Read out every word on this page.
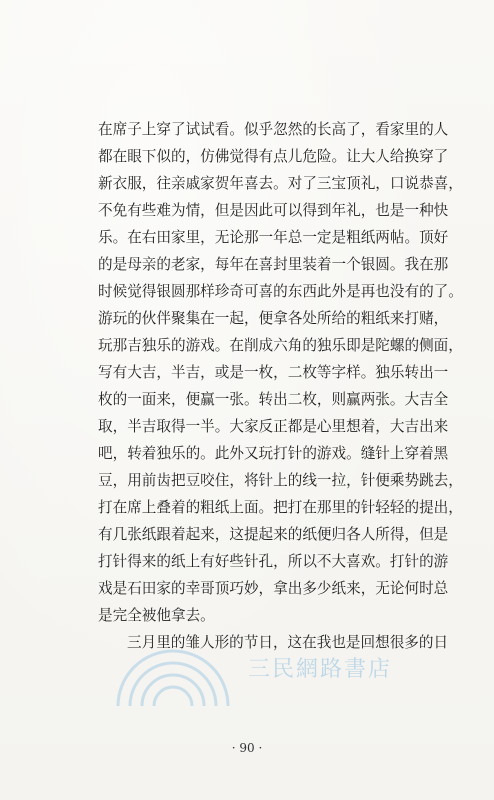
在席子上穿了试试看。似乎忽然的长高了，看家里的人
都在眼下似的，仿佛觉得有点儿危险。让大人给换穿了
新衣服，往亲戚家贺年喜去。对了三宝顶礼，口说恭喜，
不免有些难为情，但是因此可以得到年礼，也是一种快
乐。在右田家里，无论那一年总一定是粗纸两帖。顶好
的是母亲的老家，每年在喜封里装着一个银圆。我在那
时候觉得银圆那样珍奇可喜的东西此外是再也没有的了。
游玩的伙伴聚集在一起，便拿各处所给的粗纸来打赌，
玩那吉独乐的游戏。在削成六角的独乐即是陀螺的侧面，
写有大吉，半吉，或是一枚，二枚等字样。独乐转出一
枚的一面来，便赢一张。转出二枚，则赢两张。大吉全
取，半吉取得一半。大家反正都是心里想着，大吉出来
吧，转着独乐的。此外又玩打针的游戏。缝针上穿着黑
豆，用前齿把豆咬住，将针上的线一拉，针便乘势跳去，
打在席上叠着的粗纸上面。把打在那里的针轻轻的提出，
有几张纸跟着起来，这提起来的纸便归各人所得，但是
打针得来的纸上有好些针孔，所以不大喜欢。打针的游
戏是石田家的幸哥顶巧妙，拿出多少纸来，无论何时总
是完全被他拿去。
三月里的雏人形的节日，这在我也是回想很多的日
三民網路書店
· 90 ·
